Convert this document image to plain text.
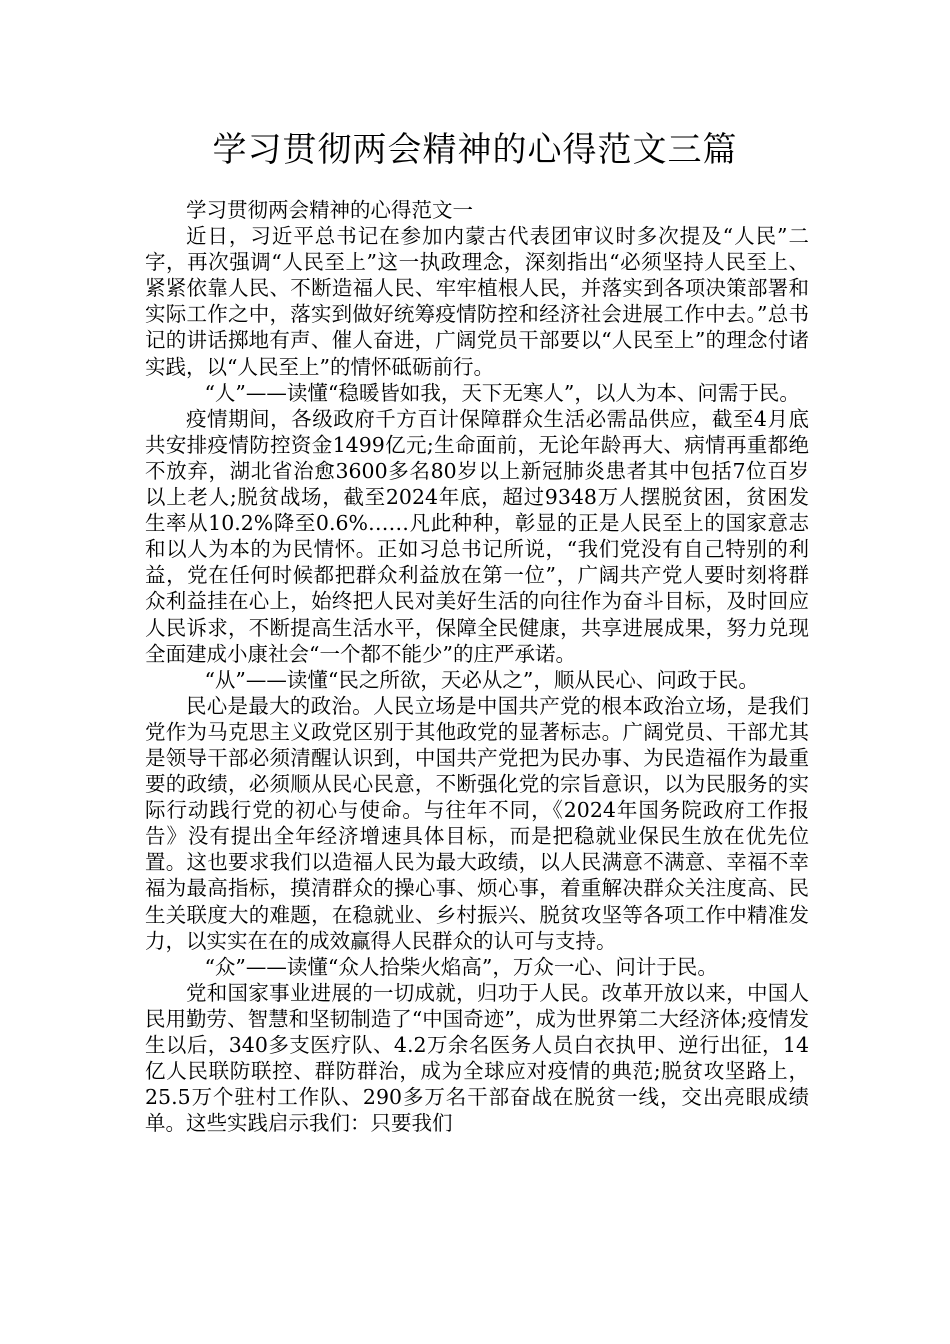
学习贯彻两会精神的心得范文三篇

学习贯彻两会精神的心得范文一

近日，习近平总书记在参加内蒙古代表团审议时多次提及“人民”二字，再次强调“人民至上”这一执政理念，深刻指出“必须坚持人民至上、紧紧依靠人民、不断造福人民、牢牢植根人民，并落实到各项决策部署和实际工作之中，落实到做好统筹疫情防控和经济社会进展工作中去。”总书记的讲话掷地有声、催人奋进，广阔党员干部要以“人民至上”的理念付诸实践，以“人民至上”的情怀砥砺前行。

“人”——读懂“稳暖皆如我，天下无寒人”，以人为本、问需于民。

疫情期间，各级政府千方百计保障群众生活必需品供应，截至4月底共安排疫情防控资金1499亿元;生命面前，无论年龄再大、病情再重都绝不放弃，湖北省治愈3600多名80岁以上新冠肺炎患者其中包括7位百岁以上老人;脱贫战场，截至2024年底，超过9348万人摆脱贫困，贫困发生率从10.2%降至0.6%……凡此种种，彰显的正是人民至上的国家意志和以人为本的为民情怀。正如习总书记所说，“我们党没有自己特别的利益，党在任何时候都把群众利益放在第一位”，广阔共产党人要时刻将群众利益挂在心上，始终把人民对美好生活的向往作为奋斗目标，及时回应人民诉求，不断提高生活水平，保障全民健康，共享进展成果，努力兑现全面建成小康社会“一个都不能少”的庄严承诺。

“从”——读懂“民之所欲，天必从之”，顺从民心、问政于民。

民心是最大的政治。人民立场是中国共产党的根本政治立场，是我们党作为马克思主义政党区别于其他政党的显著标志。广阔党员、干部尤其是领导干部必须清醒认识到，中国共产党把为民办事、为民造福作为最重要的政绩，必须顺从民心民意，不断强化党的宗旨意识，以为民服务的实际行动践行党的初心与使命。与往年不同，《2024年国务院政府工作报告》没有提出全年经济增速具体目标，而是把稳就业保民生放在优先位置。这也要求我们以造福人民为最大政绩，以人民满意不满意、幸福不幸福为最高指标，摸清群众的操心事、烦心事，着重解决群众关注度高、民生关联度大的难题，在稳就业、乡村振兴、脱贫攻坚等各项工作中精准发力，以实实在在的成效赢得人民群众的认可与支持。

“众”——读懂“众人拾柴火焰高”，万众一心、问计于民。

党和国家事业进展的一切成就，归功于人民。改革开放以来，中国人民用勤劳、智慧和坚韧制造了“中国奇迹”，成为世界第二大经济体;疫情发生以后，340多支医疗队、4.2万余名医务人员白衣执甲、逆行出征，14亿人民联防联控、群防群治，成为全球应对疫情的典范;脱贫攻坚路上，25.5万个驻村工作队、290多万名干部奋战在脱贫一线，交出亮眼成绩单。这些实践启示我们：只要我们
